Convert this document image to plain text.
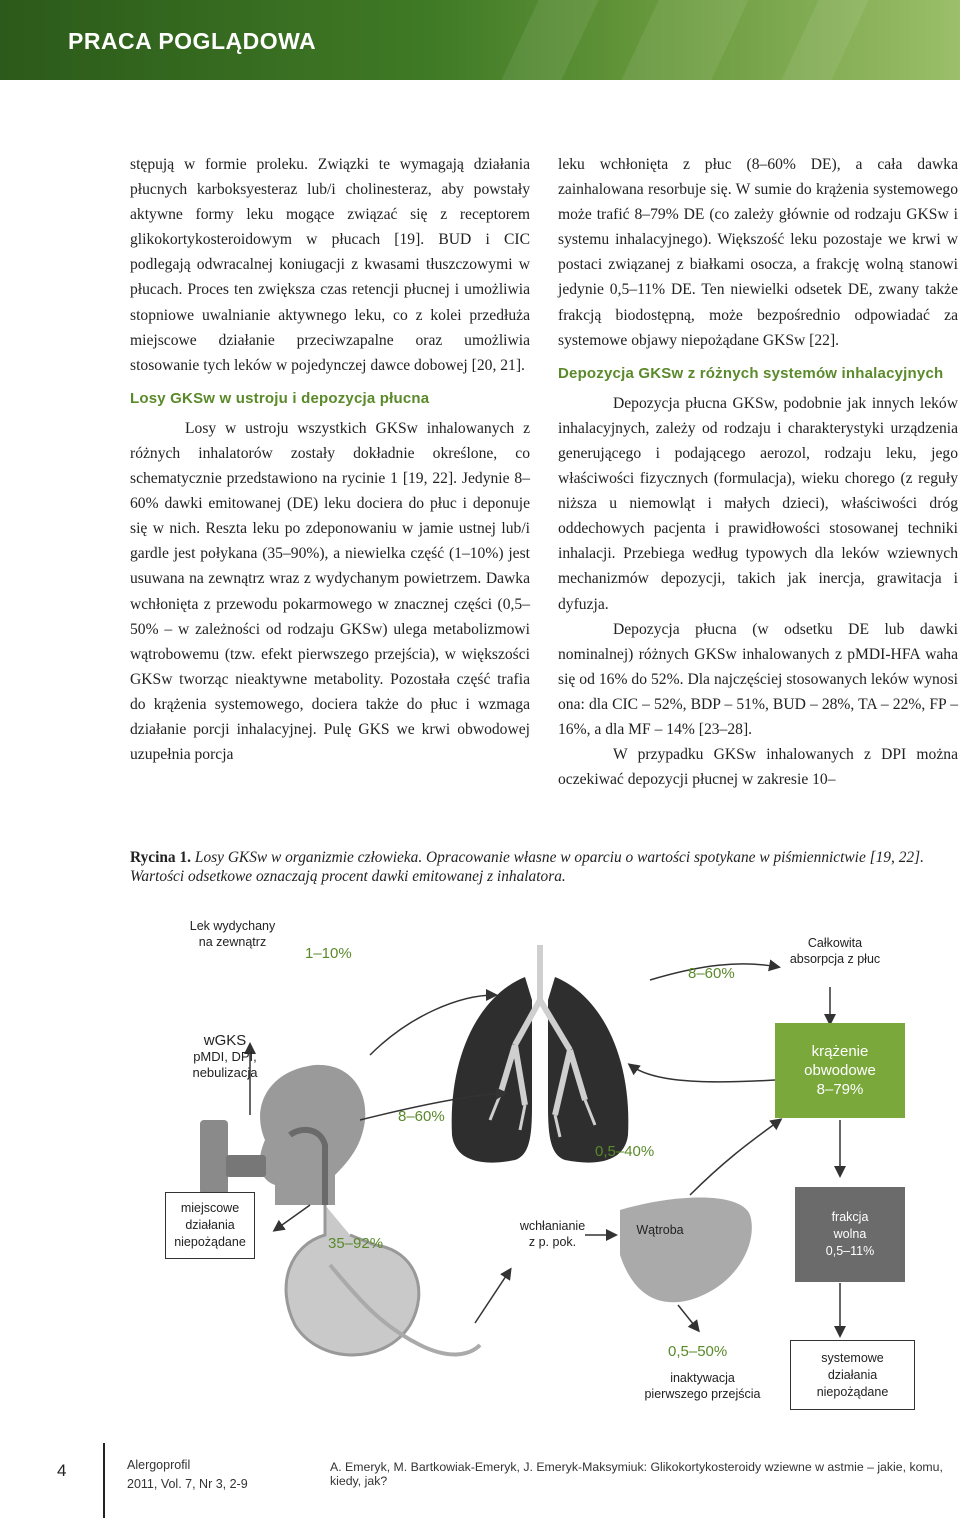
PRACA POGLĄDOWA

stępują w formie proleku. Związki te wymagają działania płucnych karboksyesteraz lub/i cholinesteraz, aby powstały aktywne formy leku mogące związać się z receptorem glikokortykosteroidowym w płucach [19]. BUD i CIC podlegają odwracalnej koniugacji z kwasami tłuszczowymi w płucach. Proces ten zwiększa czas retencji płucnej i umożliwia stopniowe uwalnianie aktywnego leku, co z kolei przedłuża miejscowe działanie przeciwzapalne oraz umożliwia stosowanie tych leków w pojedynczej dawce dobowej [20, 21].

Losy GKSw w ustroju i depozycja płucna

Losy w ustroju wszystkich GKSw inhalowanych z różnych inhalatorów zostały dokładnie określone, co schematycznie przedstawiono na rycinie 1 [19, 22]. Jedynie 8–60% dawki emitowanej (DE) leku dociera do płuc i deponuje się w nich. Reszta leku po zdeponowaniu w jamie ustnej lub/i gardle jest połykana (35–90%), a niewielka część (1–10%) jest usuwana na zewnątrz wraz z wydychanym powietrzem. Dawka wchłonięta z przewodu pokarmowego w znacznej części (0,5–50% – w zależności od rodzaju GKSw) ulega metabolizmowi wątrobowemu (tzw. efekt pierwszego przejścia), w większości GKSw tworząc nieaktywne metabolity. Pozostała część trafia do krążenia systemowego, dociera także do płuc i wzmaga działanie porcji inhalacyjnej. Pulę GKS we krwi obwodowej uzupełnia porcja

leku wchłonięta z płuc (8–60% DE), a cała dawka zainhalowana resorbuje się. W sumie do krążenia systemowego może trafić 8–79% DE (co zależy głównie od rodzaju GKSw i systemu inhalacyjnego). Większość leku pozostaje we krwi w postaci związanej z białkami osocza, a frakcję wolną stanowi jedynie 0,5–11% DE. Ten niewielki odsetek DE, zwany także frakcją biodostępną, może bezpośrednio odpowiadać za systemowe objawy niepożądane GKSw [22].

Depozycja GKSw z różnych systemów inhalacyjnych

Depozycja płucna GKSw, podobnie jak innych leków inhalacyjnych, zależy od rodzaju i charakterystyki urządzenia generującego i podającego aerozol, rodzaju leku, jego właściwości fizycznych (formulacja), wieku chorego (z reguły niższa u niemowląt i małych dzieci), właściwości dróg oddechowych pacjenta i prawidłowości stosowanej techniki inhalacji. Przebiega według typowych dla leków wziewnych mechanizmów depozycji, takich jak inercja, grawitacja i dyfuzja.

Depozycja płucna (w odsetku DE lub dawki nominalnej) różnych GKSw inhalowanych z pMDI-HFA waha się od 16% do 52%. Dla najczęściej stosowanych leków wynosi ona: dla CIC – 52%, BDP – 51%, BUD – 28%, TA – 22%, FP – 16%, a dla MF – 14% [23–28].

W przypadku GKSw inhalowanych z DPI można oczekiwać depozycji płucnej w zakresie 10–

Rycina 1. Losy GKSw w organizmie człowieka. Opracowanie własne w oparciu o wartości spotykane w piśmiennictwie [19, 22]. Wartości odsetkowe oznaczają procent dawki emitowanej z inhalatora.
Lek wydychany
na zewnątrz
1–10%
8–60%
Całkowita
absorpcja z płuc
wGKS
pMDI, DPI,
nebulizacja
krążenie
obwodowe
8–79%
8–60%
0,5–40%
miejscowe
działania
niepożądane	35–92%
wchłanianie
z p. pok.
Wątroba
frakcja
wolna
0,5–11%
0,5–50%
inaktywacja
pierwszego przejścia
systemowe
działania
niepożądane
4	Alergoprofil
2011, Vol. 7, Nr 3, 2-9
A. Emeryk, M. Bartkowiak-Emeryk, J. Emeryk-Maksymiuk: Glikokortykosteroidy wziewne w astmie – jakie, komu, kiedy, jak?
